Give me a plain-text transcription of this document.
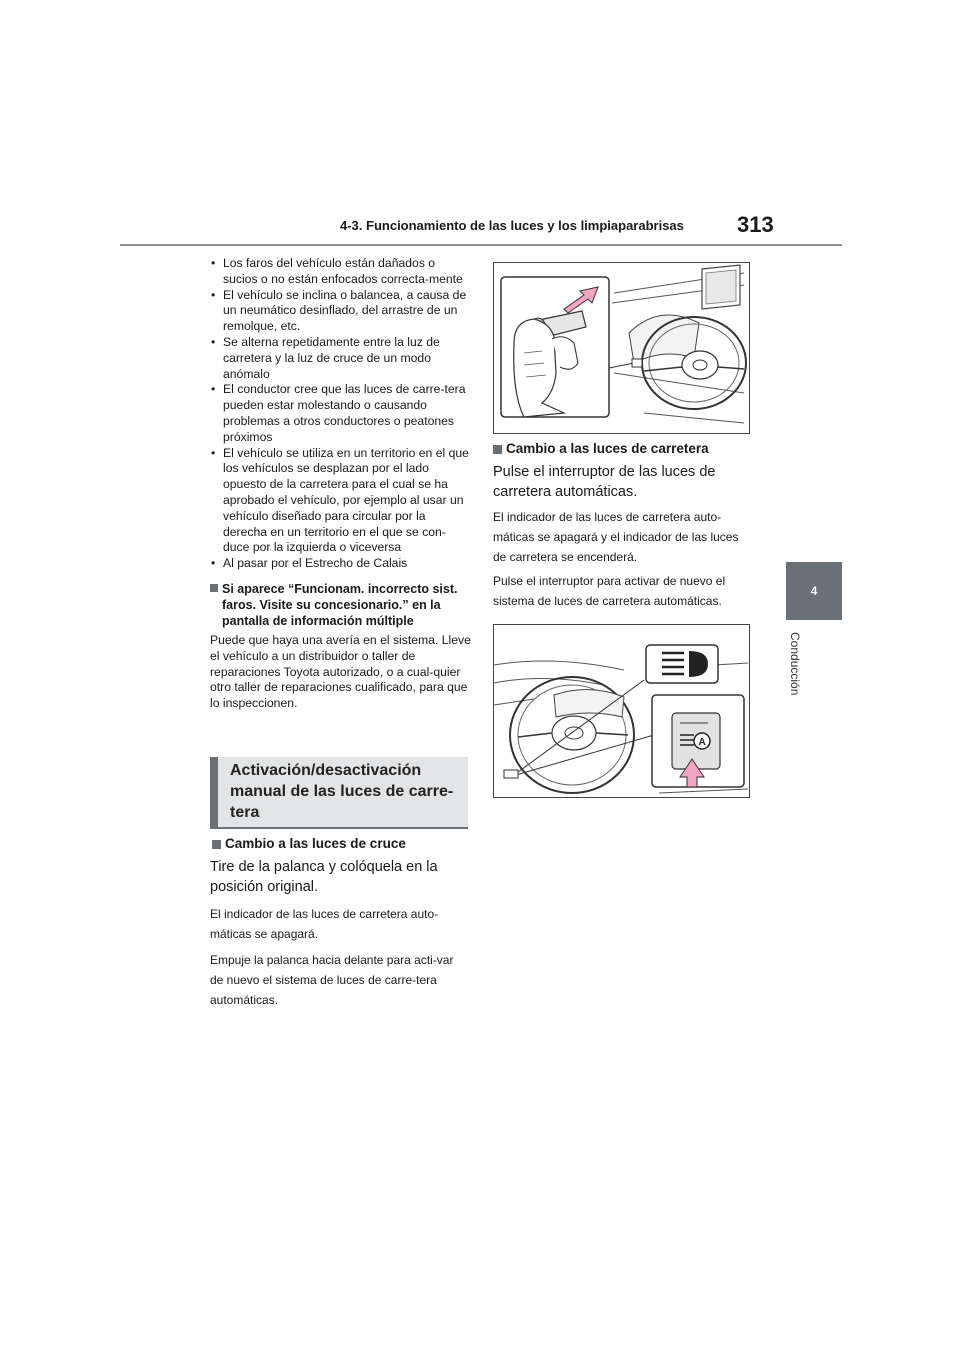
4-3. Funcionamiento de las luces y los limpiaparabrisas 313
4
Conducción
• Los faros del vehículo están dañados o sucios o no están enfocados correcta-mente
• El vehículo se inclina o balancea, a causa de un neumático desinflado, del arrastre de un remolque, etc.
• Se alterna repetidamente entre la luz de carretera y la luz de cruce de un modo anómalo
• El conductor cree que las luces de carre-tera pueden estar molestando o causando problemas a otros conductores o peatones próximos
• El vehículo se utiliza en un territorio en el que los vehículos se desplazan por el lado opuesto de la carretera para el cual se ha aprobado el vehículo, por ejemplo al usar un vehículo diseñado para circular por la derecha en un territorio en el que se con-duce por la izquierda o viceversa
• Al pasar por el Estrecho de Calais
Si aparece “Funcionam. incorrecto sist. faros. Visite su concesionario.” en la pantalla de información múltiple
Puede que haya una avería en el sistema. Lleve el vehículo a un distribuidor o taller de reparaciones Toyota autorizado, o a cual-quier otro taller de reparaciones cualificado, para que lo inspeccionen.
Activación/desactivación manual de las luces de carre-tera
Cambio a las luces de cruce
Tire de la palanca y colóquela en la posición original.
El indicador de las luces de carretera auto-máticas se apagará.
Empuje la palanca hacia delante para acti-var de nuevo el sistema de luces de carre-tera automáticas.
Cambio a las luces de carretera
Pulse el interruptor de las luces de carretera automáticas.
El indicador de las luces de carretera auto-máticas se apagará y el indicador de las luces de carretera se encenderá.
Pulse el interruptor para activar de nuevo el sistema de luces de carretera automáticas.
A
